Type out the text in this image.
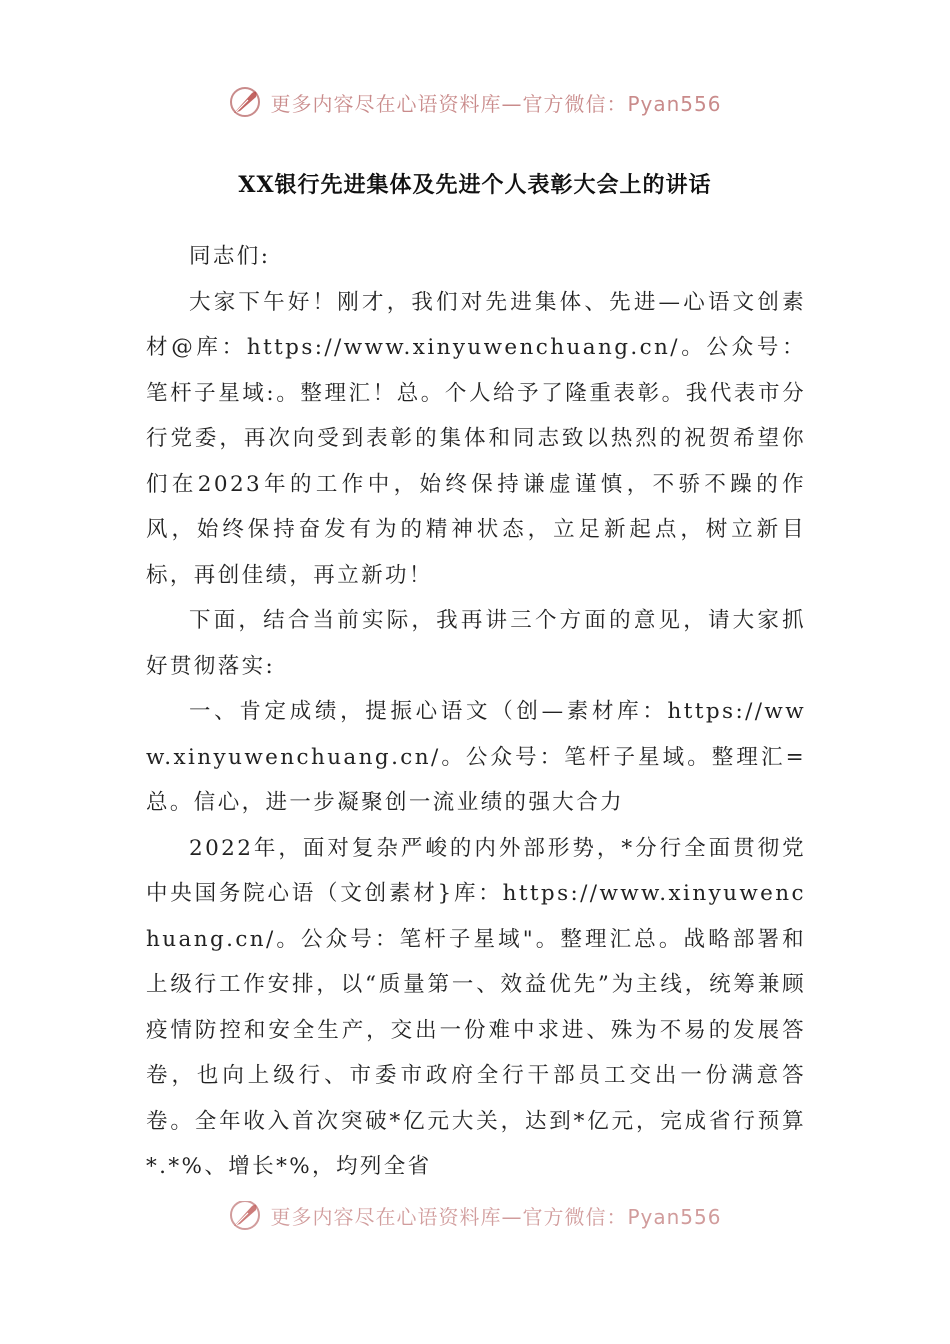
更多内容尽在心语资料库—官方微信：Pyan556
XX银行先进集体及先进个人表彰大会上的讲话

同志们:

大家下午好！刚才，我们对先进集体、先进—心语文创素材@库：https://www.xinyuwenchuang.cn/。公众号：笔杆子星域:。整理汇！总。个人给予了隆重表彰。我代表市分行党委，再次向受到表彰的集体和同志致以热烈的祝贺希望你们在2023年的工作中，始终保持谦虚谨慎，不骄不躁的作风，始终保持奋发有为的精神状态，立足新起点，树立新目标，再创佳绩，再立新功！

下面，结合当前实际，我再讲三个方面的意见，请大家抓好贯彻落实:

一、肯定成绩，提振心语文（创—素材库：https://www.xinyuwenchuang.cn/。公众号：笔杆子星域。整理汇=总。信心，进一步凝聚创一流业绩的强大合力

2022年，面对复杂严峻的内外部形势，*分行全面贯彻党中央国务院心语（文创素材}库：https://www.xinyuwenchuang.cn/。公众号：笔杆子星域"。整理汇总。战略部署和上级行工作安排，以“质量第一、效益优先”为主线，统筹兼顾疫情防控和安全生产，交出一份难中求进、殊为不易的发展答卷，也向上级行、市委市政府全行干部员工交出一份满意答卷。全年收入首次突破*亿元大关，达到*亿元，完成省行预算*.*%、增长*%，均列全省

更多内容尽在心语资料库—官方微信：Pyan556
